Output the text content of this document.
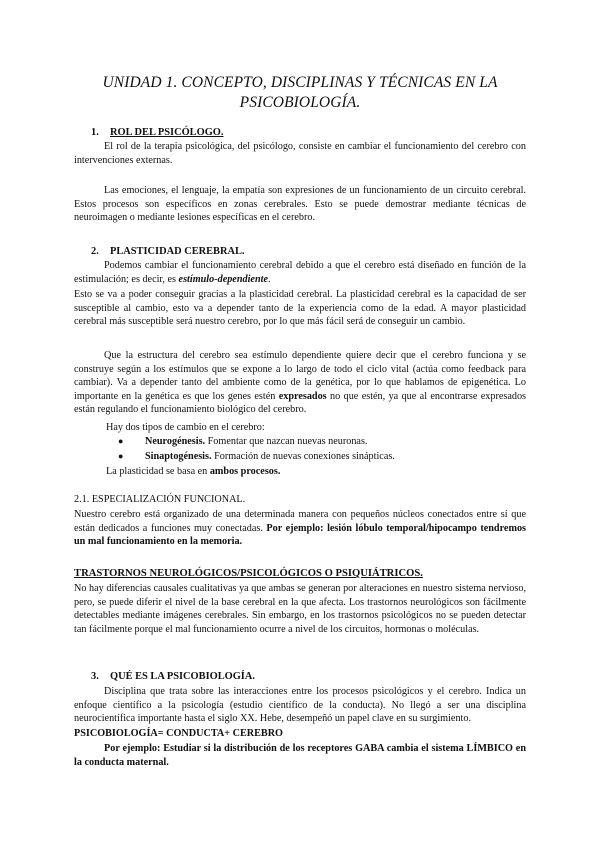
UNIDAD 1. CONCEPTO, DISCIPLINAS Y TÉCNICAS EN LA
PSICOBIOLOGÍA.

1. ROL DEL PSICÓLOGO.

El rol de la terapia psicológica, del psicólogo, consiste en cambiar el funcionamiento del cerebro con intervenciones externas.

Las emociones, el lenguaje, la empatía son expresiones de un funcionamiento de un circuito cerebral. Estos procesos son específicos en zonas cerebrales. Esto se puede demostrar mediante técnicas de neuroimagen o mediante lesiones específicas en el cerebro.

2. PLASTICIDAD CEREBRAL.

Podemos cambiar el funcionamiento cerebral debido a que el cerebro está diseñado en función de la estimulación; es decir, es estímulo-dependiente.

Esto se va a poder conseguir gracias a la plasticidad cerebral. La plasticidad cerebral es la capacidad de ser susceptible al cambio, esto va a depender tanto de la experiencia como de la edad. A mayor plasticidad cerebral más susceptible será nuestro cerebro, por lo que más fácil será de conseguir un cambio.

Que la estructura del cerebro sea estímulo dependiente quiere decir que el cerebro funciona y se construye según a los estímulos que se expone a lo largo de todo el ciclo vital (actúa como feedback para cambiar). Va a depender tanto del ambiente como de la genética, por lo que hablamos de epigenética. Lo importante en la genética es que los genes estén expresados no que estén, ya que al encontrarse expresados están regulando el funcionamiento biológico del cerebro.

Hay dos tipos de cambio en el cerebro:

● Neurogénesis. Fomentar que nazcan nuevas neuronas.

● Sinaptogénesis. Formación de nuevas conexiones sinápticas.

La plasticidad se basa en ambos procesos.

2.1. ESPECIALIZACIÓN FUNCIONAL.

Nuestro cerebro está organizado de una determinada manera con pequeños núcleos conectados entre sí que están dedicados a funciones muy conectadas. Por ejemplo: lesión lóbulo temporal/hipocampo tendremos un mal funcionamiento en la memoria.

TRASTORNOS NEUROLÓGICOS/PSICOLÓGICOS O PSIQUIÁTRICOS.

No hay diferencias causales cualitativas ya que ambas se generan por alteraciones en nuestro sistema nervioso, pero, se puede diferir el nivel de la base cerebral en la que afecta. Los trastornos neurológicos son fácilmente detectables mediante imágenes cerebrales. Sin embargo, en los trastornos psicológicos no se pueden detectar tan fácilmente porque el mal funcionamiento ocurre a nivel de los circuitos, hormonas o moléculas.

3. QUÉ ES LA PSICOBIOLOGÍA.

Disciplina que trata sobre las interacciones entre los procesos psicológicos y el cerebro. Indica un enfoque científico a la psicología (estudio científico de la conducta). No llegó a ser una disciplina neurocientífica importante hasta el siglo XX. Hebe, desempeñó un papel clave en su surgimiento.

PSICOBIOLOGÍA= CONDUCTA+ CEREBRO

Por ejemplo: Estudiar si la distribución de los receptores GABA cambia el sistema LÍMBICO en la conducta maternal.
